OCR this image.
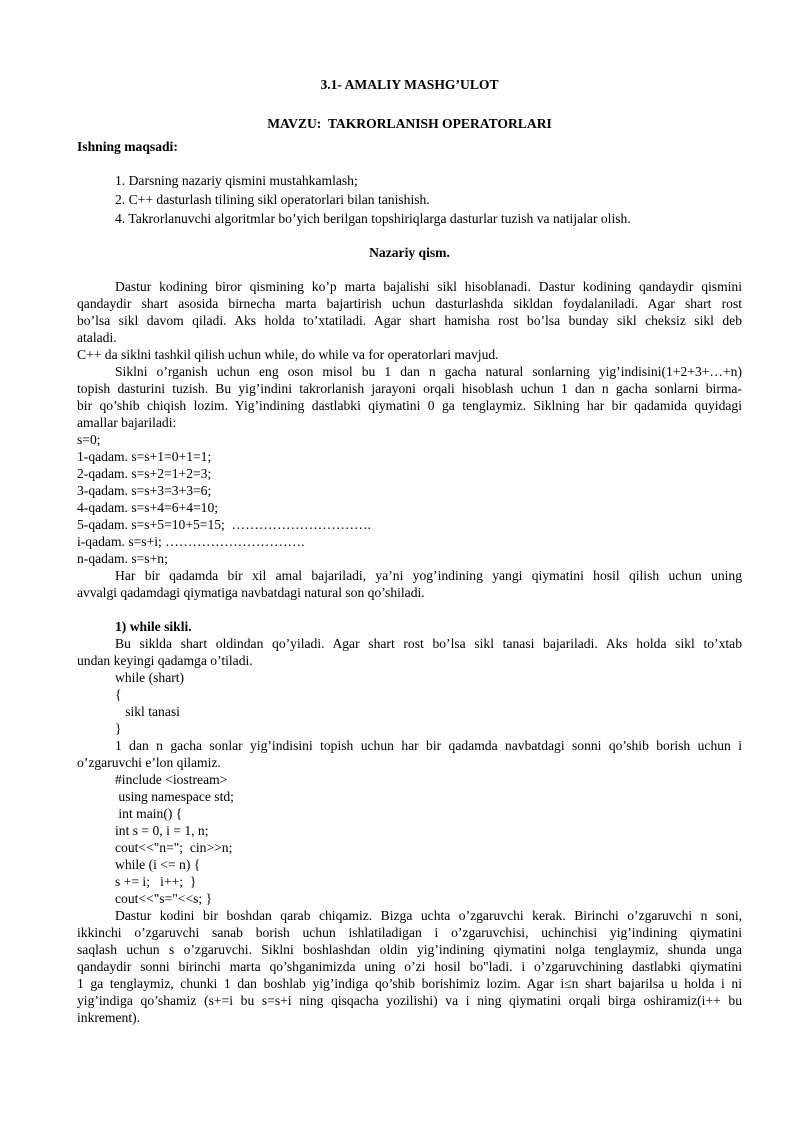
3.1- AMALIY MASHG’ULOT
MAVZU:  TAKRORLANISH OPERATORLARI
Ishning maqsadi:
1. Darsning nazariy qismini mustahkamlash;
2. C++ dasturlash tilining sikl operatorlari bilan tanishish.
4. Takrorlanuvchi algoritmlar bo’yich berilgan topshiriqlarga dasturlar tuzish va natijalar olish.
Nazariy qism.
Dastur kodining biror qismining ko’p marta bajalishi sikl hisoblanadi. Dastur kodining qandaydir qismini
qandaydir shart asosida birnecha marta bajartirish uchun dasturlashda sikldan foydalaniladi. Agar shart rost
bo’lsa sikl davom qiladi. Aks holda to’xtatiladi. Agar shart hamisha rost bo’lsa bunday sikl cheksiz sikl deb
ataladi.
C++ da siklni tashkil qilish uchun while, do while va for operatorlari mavjud.
Siklni o’rganish uchun eng oson misol bu 1 dan n gacha natural sonlarning yig’indisini(1+2+3+…+n)
topish dasturini tuzish. Bu yig’indini takrorlanish jarayoni orqali hisoblash uchun 1 dan n gacha sonlarni birma-
bir qo’shib chiqish lozim. Yig’indining dastlabki qiymatini 0 ga tenglaymiz. Siklning har bir qadamida quyidagi
amallar bajariladi:
s=0;
1-qadam. s=s+1=0+1=1;
2-qadam. s=s+2=1+2=3;
3-qadam. s=s+3=3+3=6;
4-qadam. s=s+4=6+4=10;
5-qadam. s=s+5=10+5=15;  ………………………….
i-qadam. s=s+i; ………………………….
n-qadam. s=s+n;
Har bir qadamda bir xil amal bajariladi, ya’ni yog’indining yangi qiymatini hosil qilish uchun uning
avvalgi qadamdagi qiymatiga navbatdagi natural son qo’shiladi.
1) while sikli.
Bu siklda shart oldindan qo’yiladi. Agar shart rost bo’lsa sikl tanasi bajariladi. Aks holda sikl to’xtab
undan keyingi qadamga o’tiladi.
while (shart)
{
sikl tanasi
}
1 dan n gacha sonlar yig’indisini topish uchun har bir qadamda navbatdagi sonni qo’shib borish uchun i
o’zgaruvchi e’lon qilamiz.
#include <iostream>
using namespace std;
int main() {
int s = 0, i = 1, n;
cout<<"n=";  cin>>n;
while (i <= n) {
s += i;   i++;  }
cout<<"s="<<s; }
Dastur kodini bir boshdan qarab chiqamiz. Bizga uchta o’zgaruvchi kerak. Birinchi o’zgaruvchi n soni,
ikkinchi o’zgaruvchi sanab borish uchun ishlatiladigan i o’zgaruvchisi, uchinchisi yig’indining qiymatini
saqlash uchun s o’zgaruvchi. Siklni boshlashdan oldin yig’indining qiymatini nolga tenglaymiz, shunda unga
qandaydir sonni birinchi marta qo’shganimizda uning o’zi hosil bo"ladi. i o’zgaruvchining dastlabki qiymatini
1 ga tenglaymiz, chunki 1 dan boshlab yig’indiga qo’shib borishimiz lozim. Agar i≤n shart bajarilsa u holda i ni
yig’indiga qo’shamiz (s+=i bu s=s+i ning qisqacha yozilishi) va i ning qiymatini orqali birga oshiramiz(i++ bu
inkrement).
